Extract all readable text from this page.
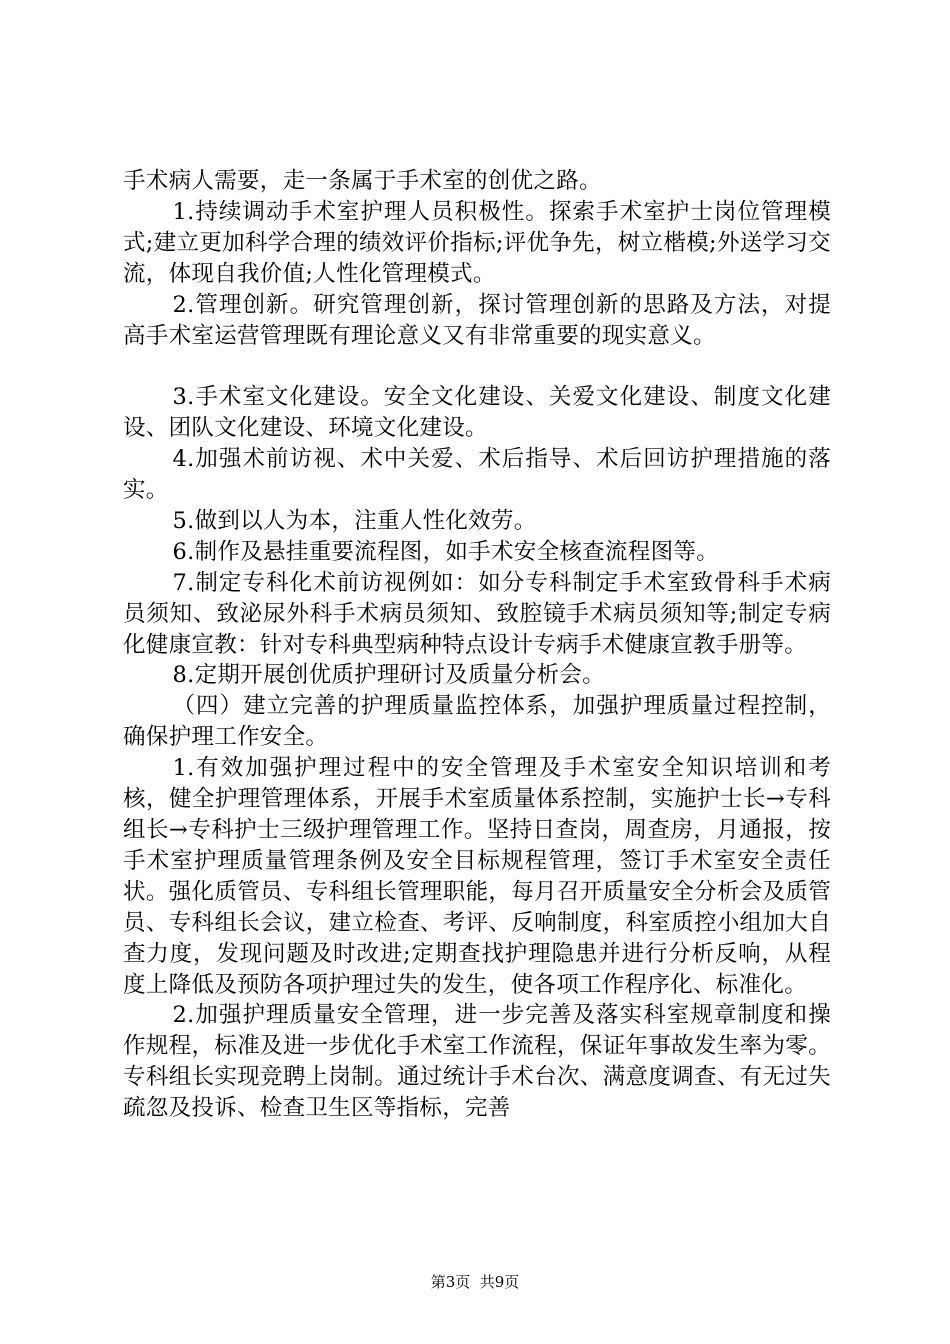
手术病人需要，走一条属于手术室的创优之路。

1.持续调动手术室护理人员积极性。探索手术室护士岗位管理模式;建立更加科学合理的绩效评价指标;评优争先，树立楷模;外送学习交流，体现自我价值;人性化管理模式。

2.管理创新。研究管理创新，探讨管理创新的思路及方法，对提高手术室运营管理既有理论意义又有非常重要的现实意义。

3.手术室文化建设。安全文化建设、关爱文化建设、制度文化建设、团队文化建设、环境文化建设。

4.加强术前访视、术中关爱、术后指导、术后回访护理措施的落实。

5.做到以人为本，注重人性化效劳。

6.制作及悬挂重要流程图，如手术安全核查流程图等。

7.制定专科化术前访视例如：如分专科制定手术室致骨科手术病员须知、致泌尿外科手术病员须知、致腔镜手术病员须知等;制定专病化健康宣教：针对专科典型病种特点设计专病手术健康宣教手册等。

8.定期开展创优质护理研讨及质量分析会。

（四）建立完善的护理质量监控体系，加强护理质量过程控制，确保护理工作安全。

1.有效加强护理过程中的安全管理及手术室安全知识培训和考核，健全护理管理体系，开展手术室质量体系控制，实施护士长→专科组长→专科护士三级护理管理工作。坚持日查岗，周查房，月通报，按手术室护理质量管理条例及安全目标规程管理，签订手术室安全责任状。强化质管员、专科组长管理职能，每月召开质量安全分析会及质管员、专科组长会议，建立检查、考评、反响制度，科室质控小组加大自查力度，发现问题及时改进;定期查找护理隐患并进行分析反响，从程度上降低及预防各项护理过失的发生，使各项工作程序化、标准化。

2.加强护理质量安全管理，进一步完善及落实科室规章制度和操作规程，标准及进一步优化手术室工作流程，保证年事故发生率为零。专科组长实现竞聘上岗制。通过统计手术台次、满意度调查、有无过失疏忽及投诉、检查卫生区等指标，完善

第3页  共9页
